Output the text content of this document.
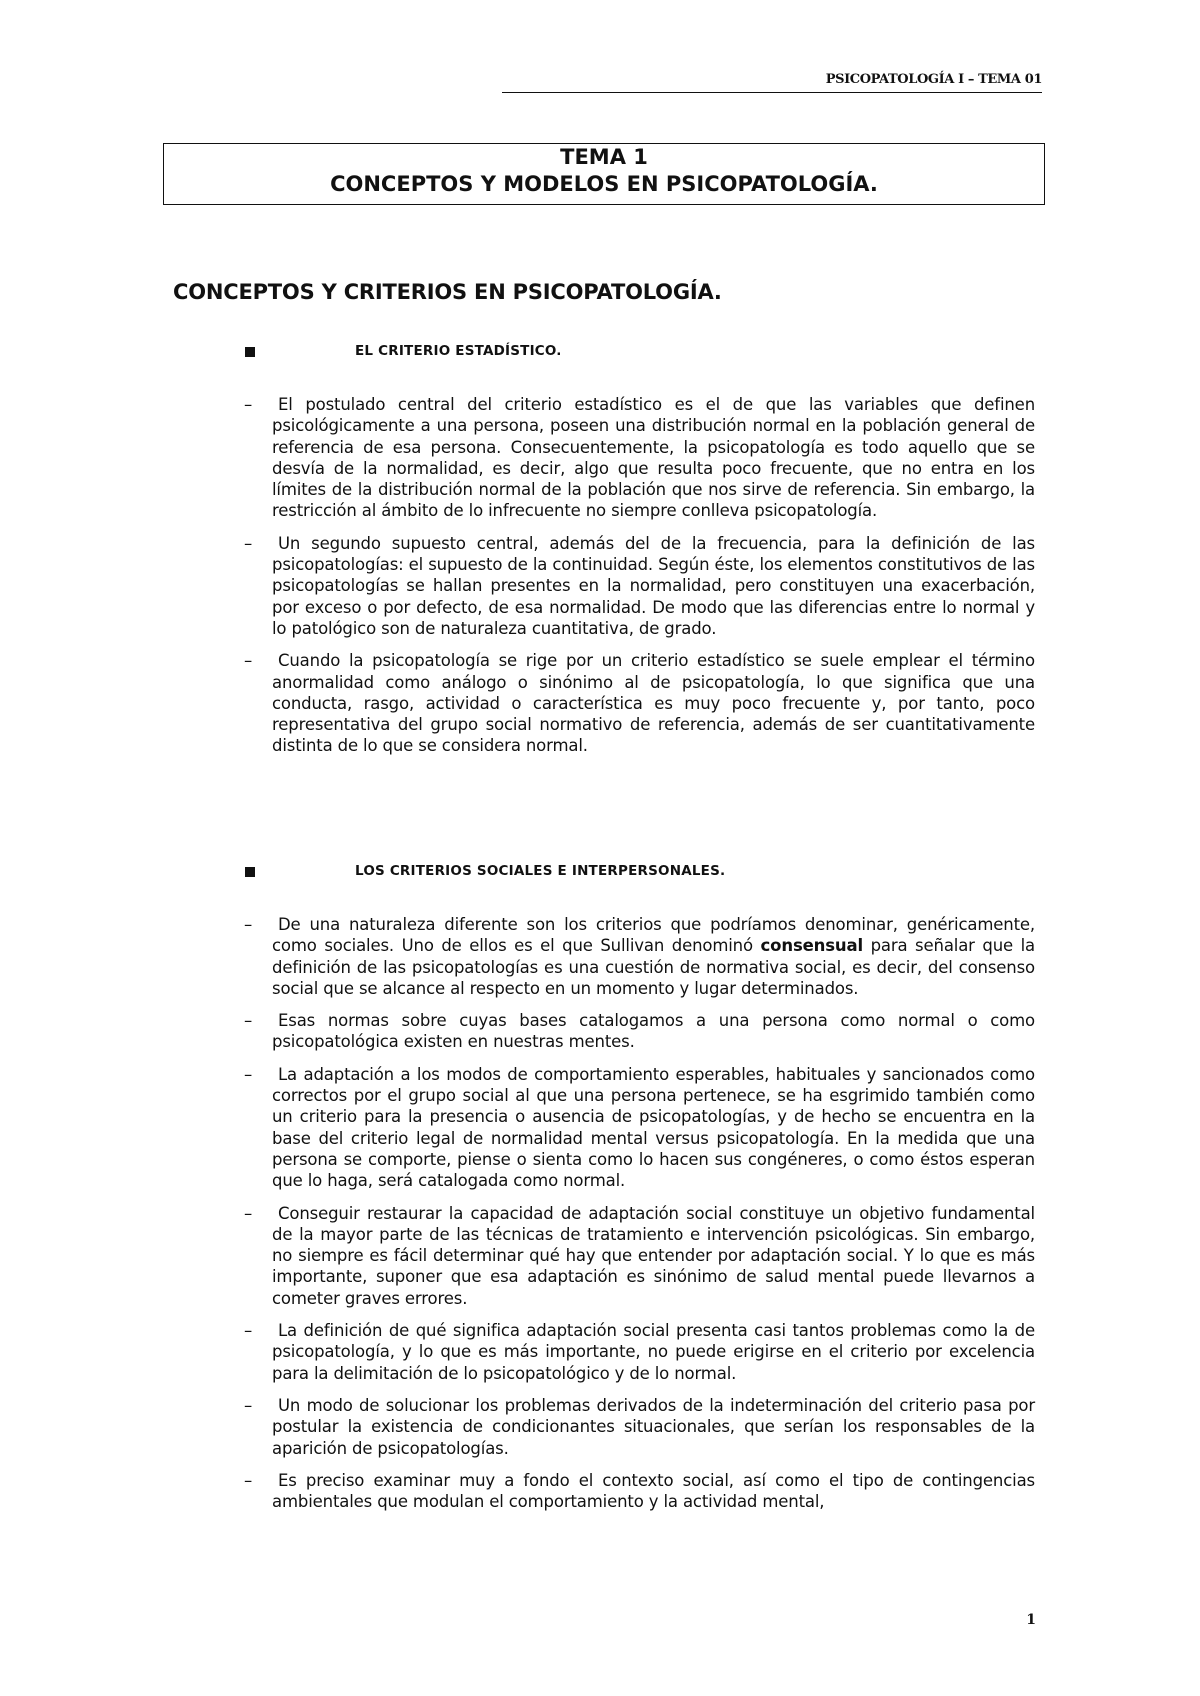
PSICOPATOLOGÍA I – TEMA 01
TEMA 1
CONCEPTOS Y MODELOS EN PSICOPATOLOGÍA.
CONCEPTOS Y CRITERIOS EN PSICOPATOLOGÍA.
EL CRITERIO ESTADÍSTICO.
–	El postulado central del criterio estadístico es el de que las variables que definen psicológicamente a una persona, poseen una distribución normal en la población general de referencia de esa persona. Consecuentemente, la psicopatología es todo aquello que se desvía de la normalidad, es decir, algo que resulta poco frecuente, que no entra en los límites de la distribución normal de la población que nos sirve de referencia. Sin embargo, la restricción al ámbito de lo infrecuente no siempre conlleva psicopatología.
–	Un segundo supuesto central, además del de la frecuencia, para la definición de las psicopatologías: el supuesto de la continuidad. Según éste, los elementos constitutivos de las psicopatologías se hallan presentes en la normalidad, pero constituyen una exacerbación, por exceso o por defecto, de esa normalidad. De modo que las diferencias entre lo normal y lo patológico son de naturaleza cuantitativa, de grado.
–	Cuando la psicopatología se rige por un criterio estadístico se suele emplear el término anormalidad como análogo o sinónimo al de psicopatología, lo que significa que una conducta, rasgo, actividad o característica es muy poco frecuente y, por tanto, poco representativa del grupo social normativo de referencia, además de ser cuantitativamente distinta de lo que se considera normal.
LOS CRITERIOS SOCIALES E INTERPERSONALES.
–	De una naturaleza diferente son los criterios que podríamos denominar, genéricamente, como sociales. Uno de ellos es el que Sullivan denominó consensual para señalar que la definición de las psicopatologías es una cuestión de normativa social, es decir, del consenso social que se alcance al respecto en un momento y lugar determinados.
–	Esas normas sobre cuyas bases catalogamos a una persona como normal o como psicopatológica existen en nuestras mentes.
–	La adaptación a los modos de comportamiento esperables, habituales y sancionados como correctos por el grupo social al que una persona pertenece, se ha esgrimido también como un criterio para la presencia o ausencia de psicopatologías, y de hecho se encuentra en la base del criterio legal de normalidad mental versus psicopatología. En la medida que una persona se comporte, piense o sienta como lo hacen sus congéneres, o como éstos esperan que lo haga, será catalogada como normal.
–	Conseguir restaurar la capacidad de adaptación social constituye un objetivo fundamental de la mayor parte de las técnicas de tratamiento e intervención psicológicas. Sin embargo, no siempre es fácil determinar qué hay que entender por adaptación social. Y lo que es más importante, suponer que esa adaptación es sinónimo de salud mental puede llevarnos a cometer graves errores.
–	La definición de qué significa adaptación social presenta casi tantos problemas como la de psicopatología, y lo que es más importante, no puede erigirse en el criterio por excelencia para la delimitación de lo psicopatológico y de lo normal.
–	Un modo de solucionar los problemas derivados de la indeterminación del criterio pasa por postular la existencia de condicionantes situacionales, que serían los responsables de la aparición de psicopatologías.
–	Es preciso examinar muy a fondo el contexto social, así como el tipo de contingencias ambientales que modulan el comportamiento y la actividad mental,
1
